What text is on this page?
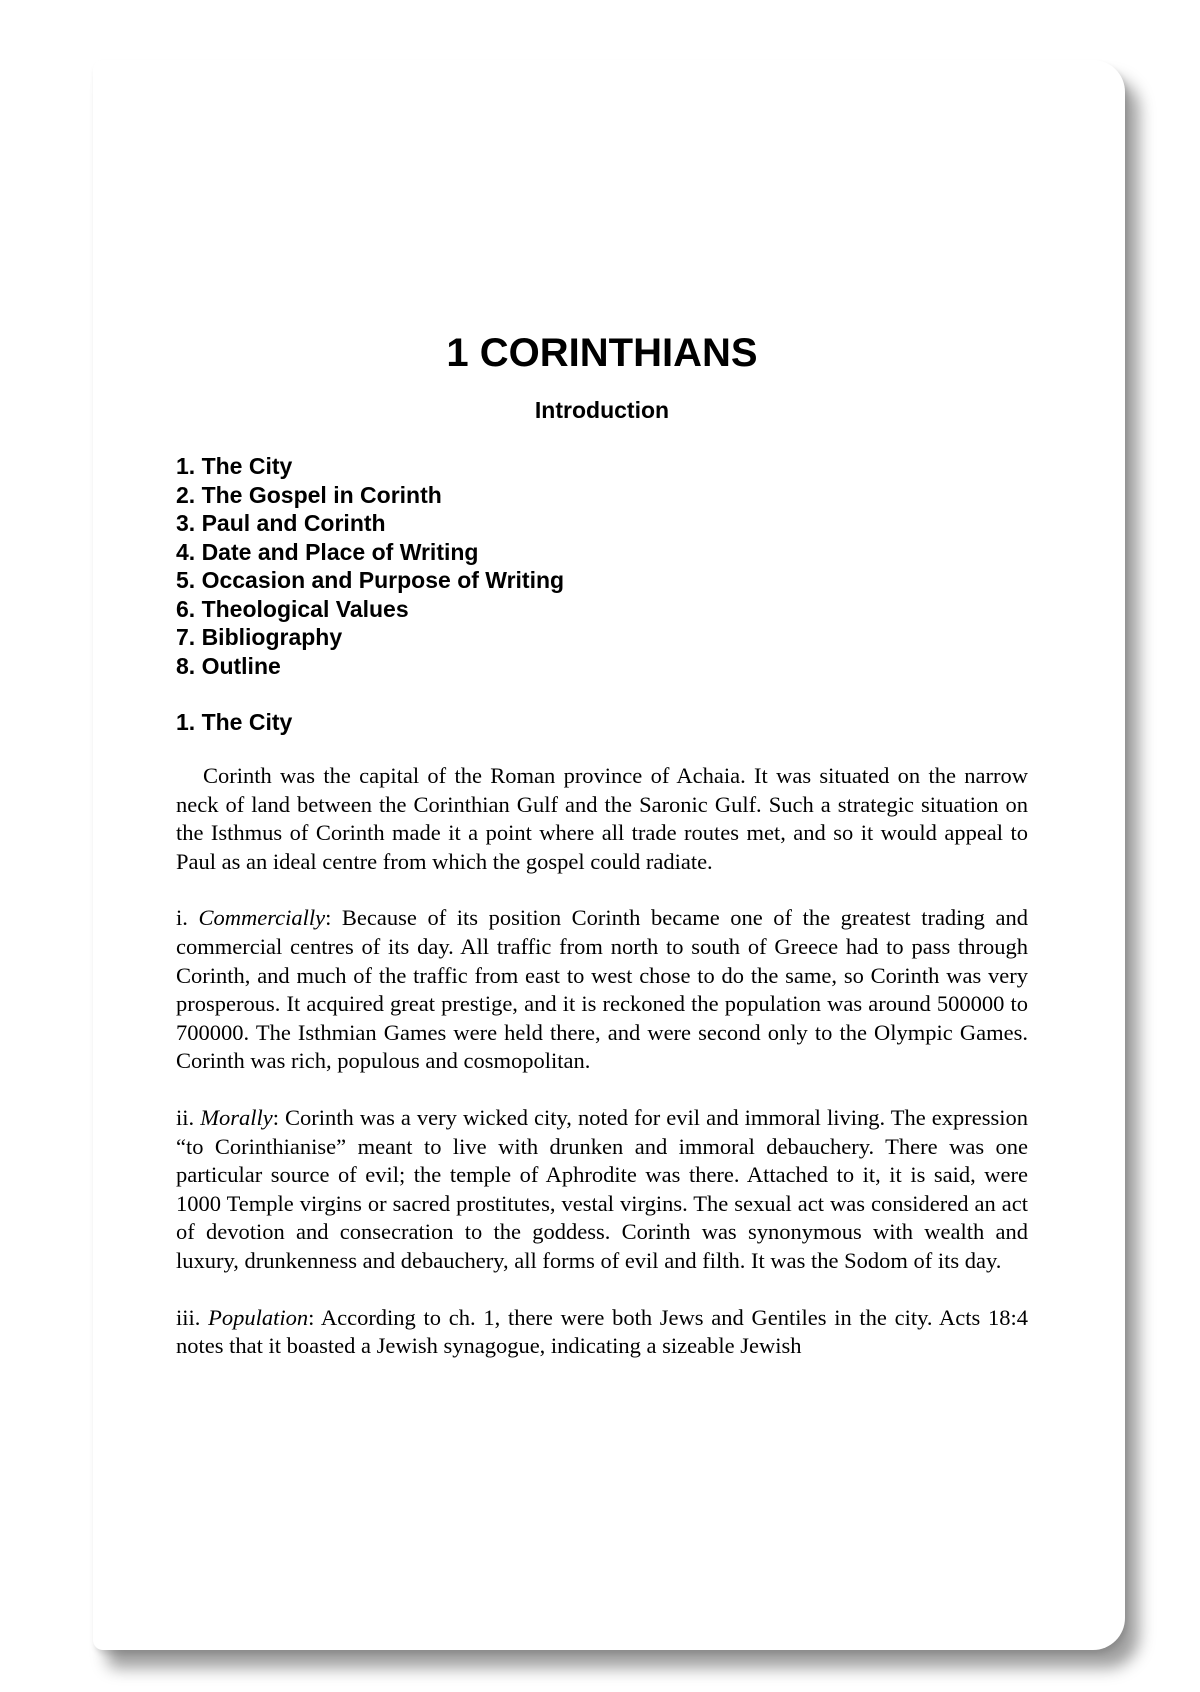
1 CORINTHIANS
Introduction
1. The City
2. The Gospel in Corinth
3. Paul and Corinth
4. Date and Place of Writing
5. Occasion and Purpose of Writing
6. Theological Values
7. Bibliography
8. Outline
1. The City

Corinth was the capital of the Roman province of Achaia. It was situated on the narrow neck of land between the Corinthian Gulf and the Saronic Gulf. Such a strategic situation on the Isthmus of Corinth made it a point where all trade routes met, and so it would appeal to Paul as an ideal centre from which the gospel could radiate.

i. Commercially: Because of its position Corinth became one of the greatest trading and commercial centres of its day. All traffic from north to south of Greece had to pass through Corinth, and much of the traffic from east to west chose to do the same, so Corinth was very prosperous. It acquired great prestige, and it is reckoned the population was around 500000 to 700000. The Isthmian Games were held there, and were second only to the Olympic Games. Corinth was rich, populous and cosmopolitan.

ii. Morally: Corinth was a very wicked city, noted for evil and immoral living. The expression “to Corinthianise” meant to live with drunken and immoral debauchery. There was one particular source of evil; the temple of Aphrodite was there. Attached to it, it is said, were 1000 Temple virgins or sacred prostitutes, vestal virgins. The sexual act was considered an act of devotion and consecration to the goddess. Corinth was synonymous with wealth and luxury, drunkenness and debauchery, all forms of evil and filth. It was the Sodom of its day.

iii. Population: According to ch. 1, there were both Jews and Gentiles in the city. Acts 18:4 notes that it boasted a Jewish synagogue, indicating a sizeable Jewish
